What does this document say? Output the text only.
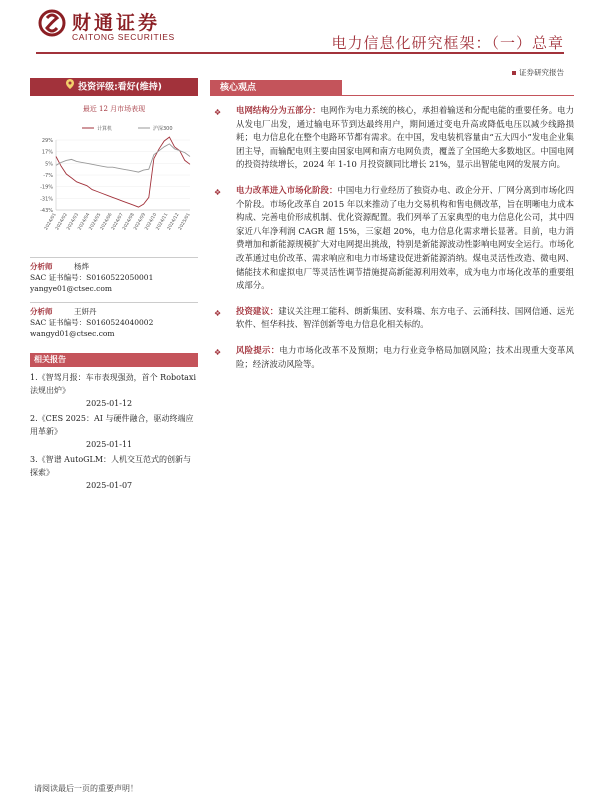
财通证券
CAITONG SECURITIES	电力信息化研究框架：（一）总章
证券研究报告
投资评级:看好(维持)
最近 12 月市场表现
计算机	沪深300
29%
17%
5%
-7%
-19%
-31%
-43%
2024/01
2024/02
2024/03
2024/04
2024/05
2024/06
2024/07
2024/08
2024/09
2024/10
2024/11
2024/12
2025/01
分析师	杨烨
SAC 证书编号：S0160522050001
yangye01@ctsec.com
分析师	王妍丹
SAC 证书编号：S0160524040002
wangyd01@ctsec.com
相关报告
1.《智驾月报：车市表现强劲，首个 Robotaxi 法规出炉》
2025-01-12
2.《CES 2025：AI 与硬件融合，驱动终端应用革新》
2025-01-11
3.《智谱 AutoGLM：人机交互范式的创新与探索》
2025-01-07
核心观点
❖ 电网结构分为五部分：电网作为电力系统的核心，承担着输送和分配电能的重要任务。电力从发电厂出发，通过输电环节到达最终用户，期间通过变电升高或降低电压以减少线路损耗；电力信息化在整个电路环节都有需求。在中国，发电装机容量由“五大四小”发电企业集团主导，而输配电则主要由国家电网和南方电网负责，覆盖了全国绝大多数地区。中国电网的投资持续增长，2024 年 1-10 月投资额同比增长 21%，显示出智能电网的发展方向。
❖ 电力改革进入市场化阶段：中国电力行业经历了独资办电、政企分开、厂网分离到市场化四个阶段。市场化改革自 2015 年以来推动了电力交易机构和售电侧改革，旨在明晰电力成本构成、完善电价形成机制、优化资源配置。我们列举了五家典型的电力信息化公司，其中四家近八年净利润 CAGR 超 15%，三家超 20%，电力信息化需求增长显著。目前，电力消费增加和新能源规模扩大对电网提出挑战，特别是新能源波动性影响电网安全运行。市场化改革通过电价改革、需求响应和电力市场建设促进新能源消纳。煤电灵活性改造、微电网、储能技术和虚拟电厂等灵活性调节措施提高新能源利用效率，成为电力市场化改革的重要组成部分。
❖ 投资建议：建议关注理工能科、朗新集团、安科瑞、东方电子、云涌科技、国网信通、远光软件、恒华科技、智洋创新等电力信息化相关标的。
❖ 风险提示：电力市场化改革不及预期；电力行业竞争格局加剧风险；技术出现重大变革风险；经济波动风险等。
请阅读最后一页的重要声明！
